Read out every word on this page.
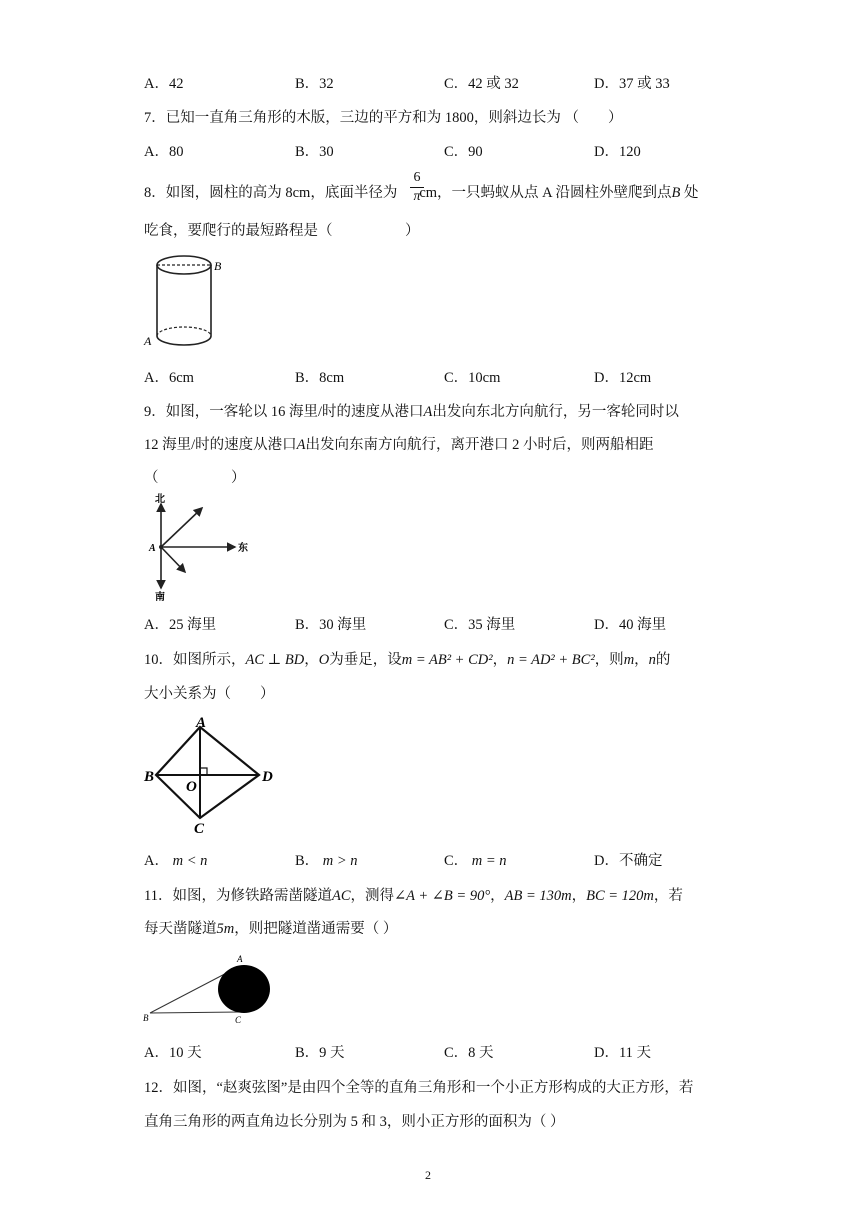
A．42	B．32	C．42 或 32	D．37 或 33
7．已知一直角三角形的木版，三边的平方和为 1800，则斜边长为 （　　）
A．80	B．30	C．90	D．120
8．如图，圆柱的高为 8cm，底面半径为 cm，一只蚂蚁从点 A 沿圆柱外壁爬到点B 处
6
π
吃食，要爬行的最短路程是（　　　　　）
B
A
A．6cm	B．8cm	C．10cm	D．12cm
9．如图，一客轮以 16 海里/时的速度从港口A出发向东北方向航行，另一客轮同时以
12 海里/时的速度从港口A出发向东南方向航行，离开港口 2 小时后，则两船相距
（　　　　　）
北
东
南
A
A．25 海里	B．30 海里	C．35 海里	D．40 海里
10．如图所示，AC ⊥ BD，O为垂足，设m = AB² + CD²，n = AD² + BC²，则m，n的
大小关系为（　　）
A
B
C
D
O
A． m < n	B． m > n	C． m = n	D．不确定
11．如图，为修铁路需凿隧道AC，测得∠A + ∠B = 90°，AB = 130m，BC = 120m，若
每天凿隧道5m，则把隧道凿通需要（ ）
A
B	C
A．10 天	B．9 天	C．8 天	D．11 天
12．如图，“赵爽弦图”是由四个全等的直角三角形和一个小正方形构成的大正方形，若
直角三角形的两直角边长分别为 5 和 3，则小正方形的面积为（ ）
2
